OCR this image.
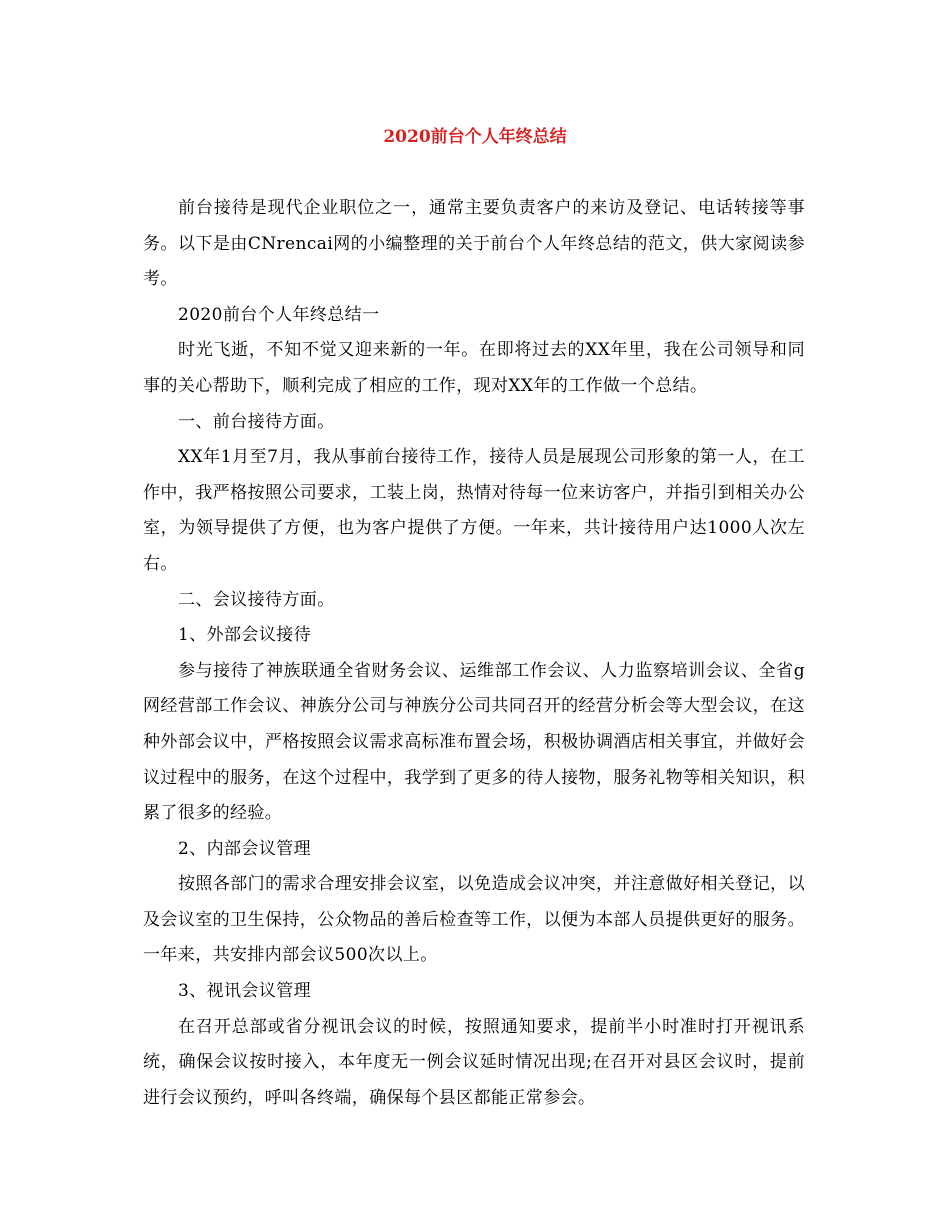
2020前台个人年终总结

前台接待是现代企业职位之一，通常主要负责客户的来访及登记、电话转接等事务。以下是由CNrencai网的小编整理的关于前台个人年终总结的范文，供大家阅读参考。

2020前台个人年终总结一

时光飞逝，不知不觉又迎来新的一年。在即将过去的XX年里，我在公司领导和同事的关心帮助下，顺利完成了相应的工作，现对XX年的工作做一个总结。

一、前台接待方面。

XX年1月至7月，我从事前台接待工作，接待人员是展现公司形象的第一人，在工作中，我严格按照公司要求，工装上岗，热情对待每一位来访客户，并指引到相关办公室，为领导提供了方便，也为客户提供了方便。一年来，共计接待用户达1000人次左右。

二、会议接待方面。

1、外部会议接待

参与接待了神族联通全省财务会议、运维部工作会议、人力监察培训会议、全省g网经营部工作会议、神族分公司与神族分公司共同召开的经营分析会等大型会议，在这种外部会议中，严格按照会议需求高标准布置会场，积极协调酒店相关事宜，并做好会议过程中的服务，在这个过程中，我学到了更多的待人接物，服务礼物等相关知识，积累了很多的经验。

2、内部会议管理

按照各部门的需求合理安排会议室，以免造成会议冲突，并注意做好相关登记，以及会议室的卫生保持，公众物品的善后检查等工作，以便为本部人员提供更好的服务。一年来，共安排内部会议500次以上。

3、视讯会议管理

在召开总部或省分视讯会议的时候，按照通知要求，提前半小时准时打开视讯系统，确保会议按时接入，本年度无一例会议延时情况出现;在召开对县区会议时，提前进行会议预约，呼叫各终端，确保每个县区都能正常参会。
